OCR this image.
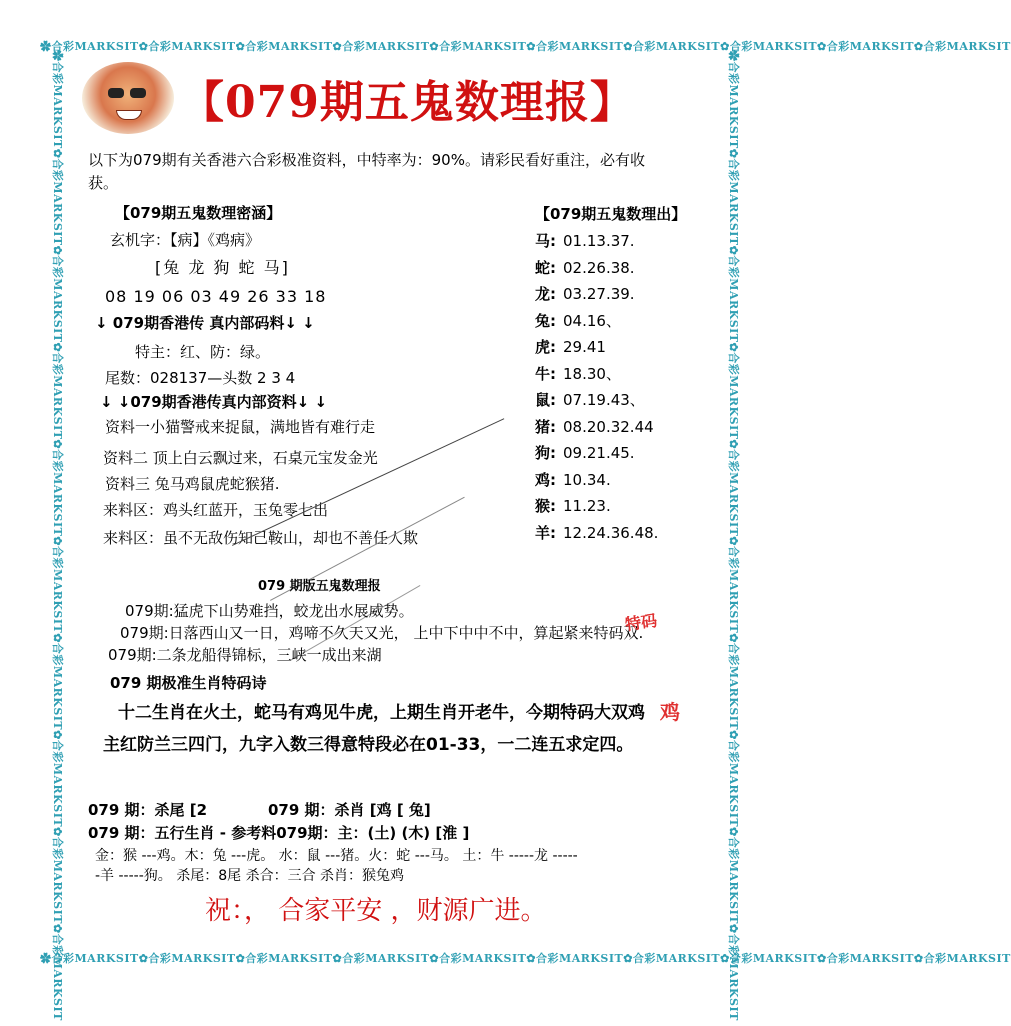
✿合彩MARKSIT✿合彩MARKSIT✿合彩MARKSIT✿合彩MARKSIT✿合彩MARKSIT✿合彩MARKSIT✿合彩MARKSIT✿合彩MARKSIT✿合彩MARKSIT✿合彩MARKSIT
✿合彩MARKSIT✿合彩MARKSIT✿合彩MARKSIT✿合彩MARKSIT✿合彩MARKSIT✿合彩MARKSIT✿合彩MARKSIT✿合彩MARKSIT✿合彩MARKSIT✿合彩MARKSIT
✿合彩MARKSIT✿合彩MARKSIT✿合彩MARKSIT✿合彩MARKSIT✿合彩MARKSIT✿合彩MARKSIT✿合彩MARKSIT✿合彩MARKSIT✿合彩MARKSIT✿合彩MARKSIT	✿合彩MARKSIT✿合彩MARKSIT✿合彩MARKSIT✿合彩MARKSIT✿合彩MARKSIT✿合彩MARKSIT✿合彩MARKSIT✿合彩MARKSIT✿合彩MARKSIT✿合彩MARKSIT
【079期五鬼数理报】
以下为079期有关香港六合彩极准资料，中特率为：90%。请彩民看好重注，必有收
获。
【079期五鬼数理密涵】
玄机字：【病】《鸡病》
[兔 龙 狗 蛇 马]
08 19 06 03 49 26 33 18
↓ 079期香港传 真内部码料↓ ↓
特主：红、防：绿。
尾数：028137—头数 2 3 4
↓ ↓079期香港传真内部资料↓ ↓
资料一小猫警戒来捉鼠，满地皆有难行走
资料二 顶上白云飘过来，石桌元宝发金光
资料三 兔马鸡鼠虎蛇猴猪.
来料区：鸡头红蓝开，玉兔零七出
来料区：虽不无敌伤知己鞍山，却也不善任人欺
【079期五鬼数理出】
马: 01.13.37.
蛇: 02.26.38.
龙: 03.27.39.
兔: 04.16、
虎: 29.41
牛: 18.30、
鼠: 07.19.43、
猪: 08.20.32.44
狗: 09.21.45.
鸡: 10.34.
猴: 11.23.
羊: 12.24.36.48.
079 期版五鬼数理报
079期:猛虎下山势难挡，蛟龙出水展威势。
079期:日落西山又一日，鸡啼不久天又光， 上中下中中不中，算起紧来特码双.
079期:二条龙船得锦标，三峡一成出来湖
079 期极准生肖特码诗
十二生肖在火土，蛇马有鸡见牛虎，上期生肖开老牛，今期特码大双鸡
主红防兰三四门，九字入数三得意特段必在01-33，一二连五求定四。
特码
鸡
079 期：杀尾 [2	079 期：杀肖 [鸡 [ 兔]
079 期：五行生肖 - 参考料079期：主：(土) (木) [淮 ]
金：猴 ---鸡。木：兔 ---虎。 水：鼠 ---猪。火：蛇 ---马。 土：牛 -----龙 -----
-羊 -----狗。 杀尾：8尾 杀合：三合 杀肖：猴兔鸡
祝：， 合家平安 ，财源广进。
